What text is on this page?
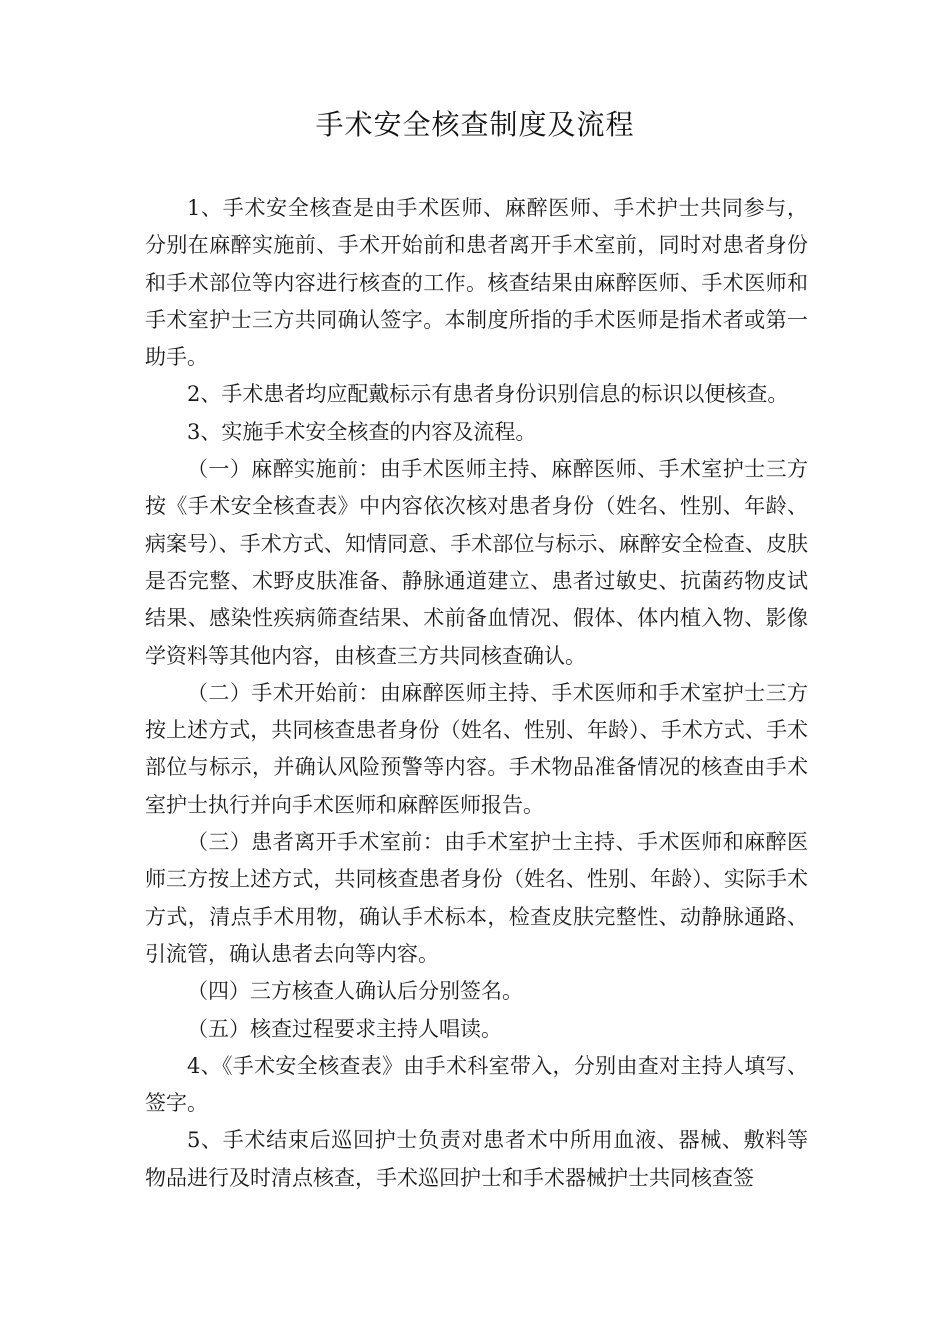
手术安全核查制度及流程

1、手术安全核查是由手术医师、麻醉医师、手术护士共同参与，分别在麻醉实施前、手术开始前和患者离开手术室前，同时对患者身份和手术部位等内容进行核查的工作。核查结果由麻醉医师、手术医师和手术室护士三方共同确认签字。本制度所指的手术医师是指术者或第一助手。

2、手术患者均应配戴标示有患者身份识别信息的标识以便核查。

3、实施手术安全核查的内容及流程。

（一）麻醉实施前：由手术医师主持、麻醉医师、手术室护士三方按《手术安全核查表》中内容依次核对患者身份（姓名、性别、年龄、病案号）、手术方式、知情同意、手术部位与标示、麻醉安全检查、皮肤是否完整、术野皮肤准备、静脉通道建立、患者过敏史、抗菌药物皮试结果、感染性疾病筛查结果、术前备血情况、假体、体内植入物、影像学资料等其他内容，由核查三方共同核查确认。

（二）手术开始前：由麻醉医师主持、手术医师和手术室护士三方按上述方式，共同核查患者身份（姓名、性别、年龄）、手术方式、手术部位与标示，并确认风险预警等内容。手术物品准备情况的核查由手术室护士执行并向手术医师和麻醉医师报告。

（三）患者离开手术室前：由手术室护士主持、手术医师和麻醉医师三方按上述方式，共同核查患者身份（姓名、性别、年龄）、实际手术方式，清点手术用物，确认手术标本，检查皮肤完整性、动静脉通路、引流管，确认患者去向等内容。

（四）三方核查人确认后分别签名。

（五）核查过程要求主持人唱读。

4、《手术安全核查表》由手术科室带入，分别由查对主持人填写、签字。

5、手术结束后巡回护士负责对患者术中所用血液、器械、敷料等物品进行及时清点核查，手术巡回护士和手术器械护士共同核查签
